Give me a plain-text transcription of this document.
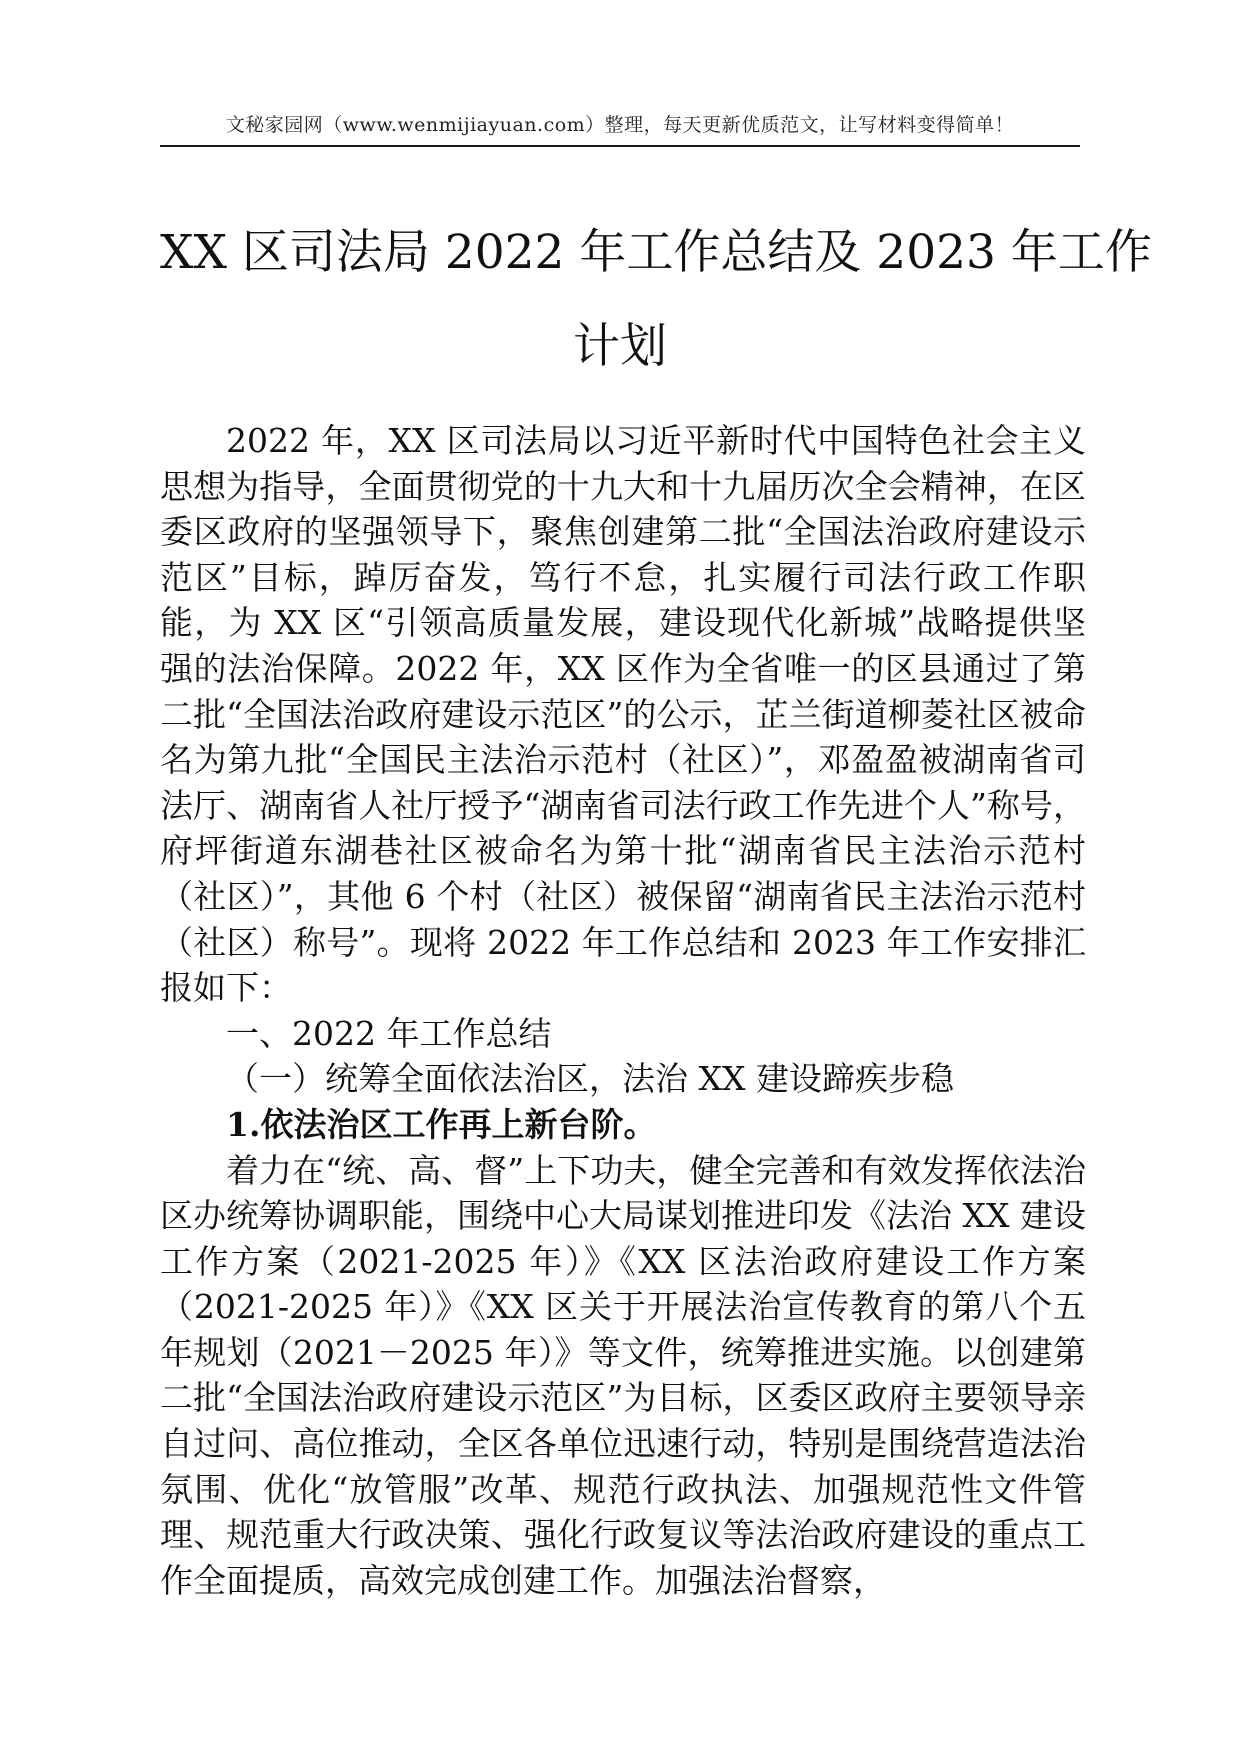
文秘家园网（www.wenmijiayuan.com）整理，每天更新优质范文，让写材料变得简单！
XX 区司法局 2022 年工作总结及 2023 年工作
计划

2022 年，XX 区司法局以习近平新时代中国特色社会主义思想为指导，全面贯彻党的十九大和十九届历次全会精神，在区委区政府的坚强领导下，聚焦创建第二批“全国法治政府建设示范区”目标，踔厉奋发，笃行不怠，扎实履行司法行政工作职能，为 XX 区“引领高质量发展，建设现代化新城”战略提供坚强的法治保障。2022 年，XX 区作为全省唯一的区县通过了第二批“全国法治政府建设示范区”的公示，芷兰街道柳菱社区被命名为第九批“全国民主法治示范村（社区）”，邓盈盈被湖南省司法厅、湖南省人社厅授予“湖南省司法行政工作先进个人”称号，府坪街道东湖巷社区被命名为第十批“湖南省民主法治示范村（社区）”，其他 6 个村（社区）被保留“湖南省民主法治示范村（社区）称号”。现将 2022 年工作总结和 2023 年工作安排汇报如下：

一、2022 年工作总结

（一）统筹全面依法治区，法治 XX 建设蹄疾步稳

1.依法治区工作再上新台阶。

着力在“统、高、督”上下功夫，健全完善和有效发挥依法治区办统筹协调职能，围绕中心大局谋划推进印发《法治 XX 建设工作方案（2021-2025 年）》《XX 区法治政府建设工作方案（2021-2025 年）》《XX 区关于开展法治宣传教育的第八个五年规划（2021－2025 年）》等文件，统筹推进实施。以创建第二批“全国法治政府建设示范区”为目标，区委区政府主要领导亲自过问、高位推动，全区各单位迅速行动，特别是围绕营造法治氛围、优化“放管服”改革、规范行政执法、加强规范性文件管理、规范重大行政决策、强化行政复议等法治政府建设的重点工作全面提质，高效完成创建工作。加强法治督察，
